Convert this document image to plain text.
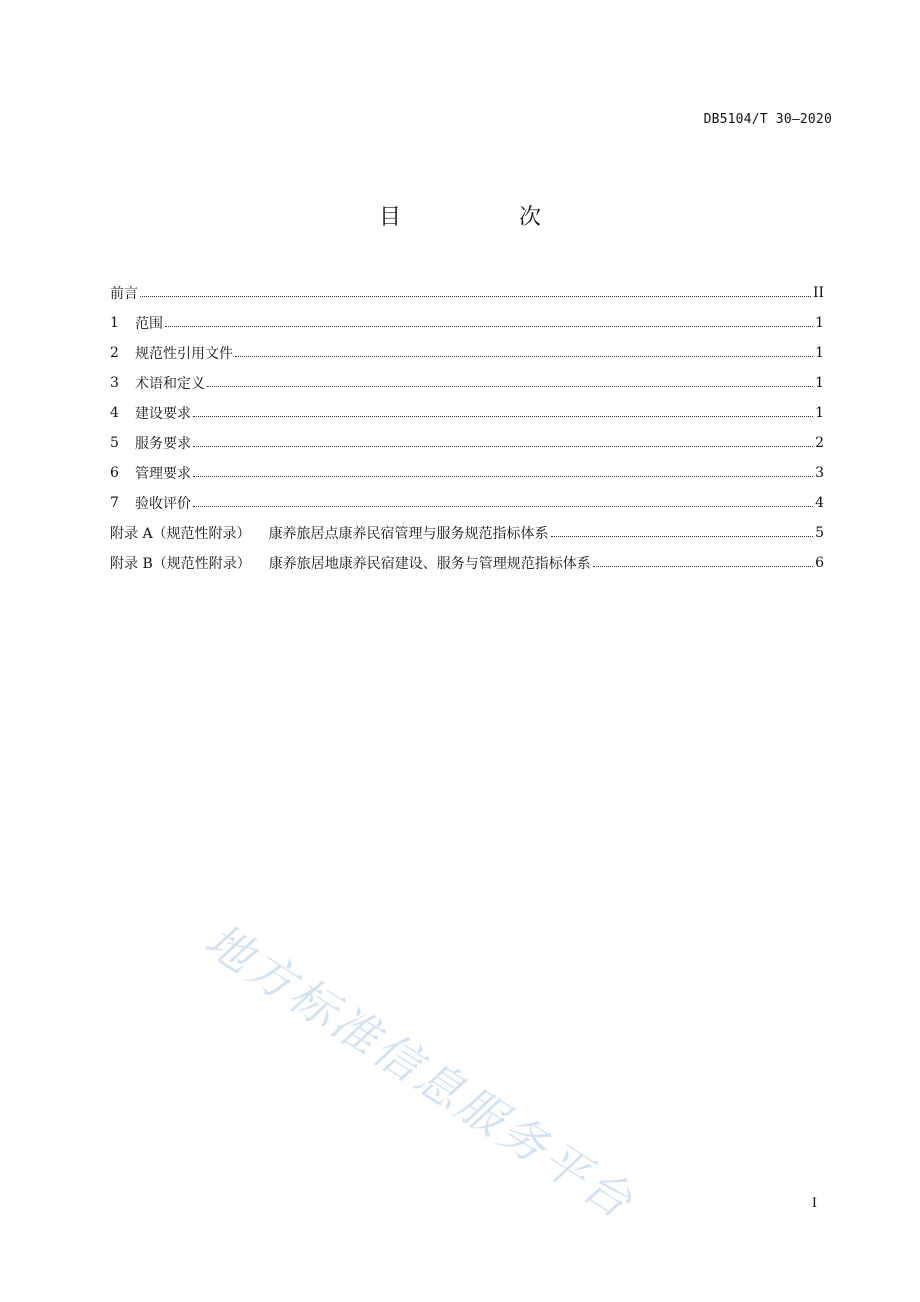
DB5104/T 30—2020
目　次
前言	II
1	范围	1
2	规范性引用文件	1
3	术语和定义	1
4	建设要求	1
5	服务要求	2
6	管理要求	3
7	验收评价	4
附录 A（规范性附录） 康养旅居点康养民宿管理与服务规范指标体系	5
附录 B（规范性附录） 康养旅居地康养民宿建设、服务与管理规范指标体系	6
地方标准信息服务平台	I
